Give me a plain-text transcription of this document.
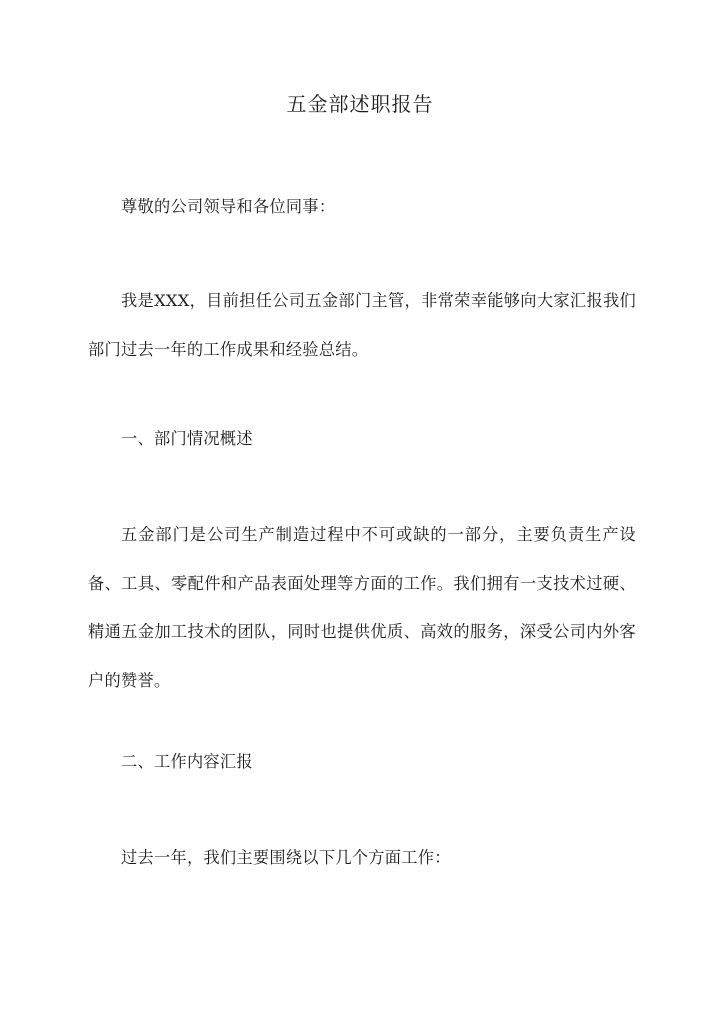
五金部述职报告

尊敬的公司领导和各位同事：

我是XXX，目前担任公司五金部门主管，非常荣幸能够向大家汇报我们部门过去一年的工作成果和经验总结。

一、部门情况概述

五金部门是公司生产制造过程中不可或缺的一部分，主要负责生产设备、工具、零配件和产品表面处理等方面的工作。我们拥有一支技术过硬、精通五金加工技术的团队，同时也提供优质、高效的服务，深受公司内外客户的赞誉。

二、工作内容汇报

过去一年，我们主要围绕以下几个方面工作：
